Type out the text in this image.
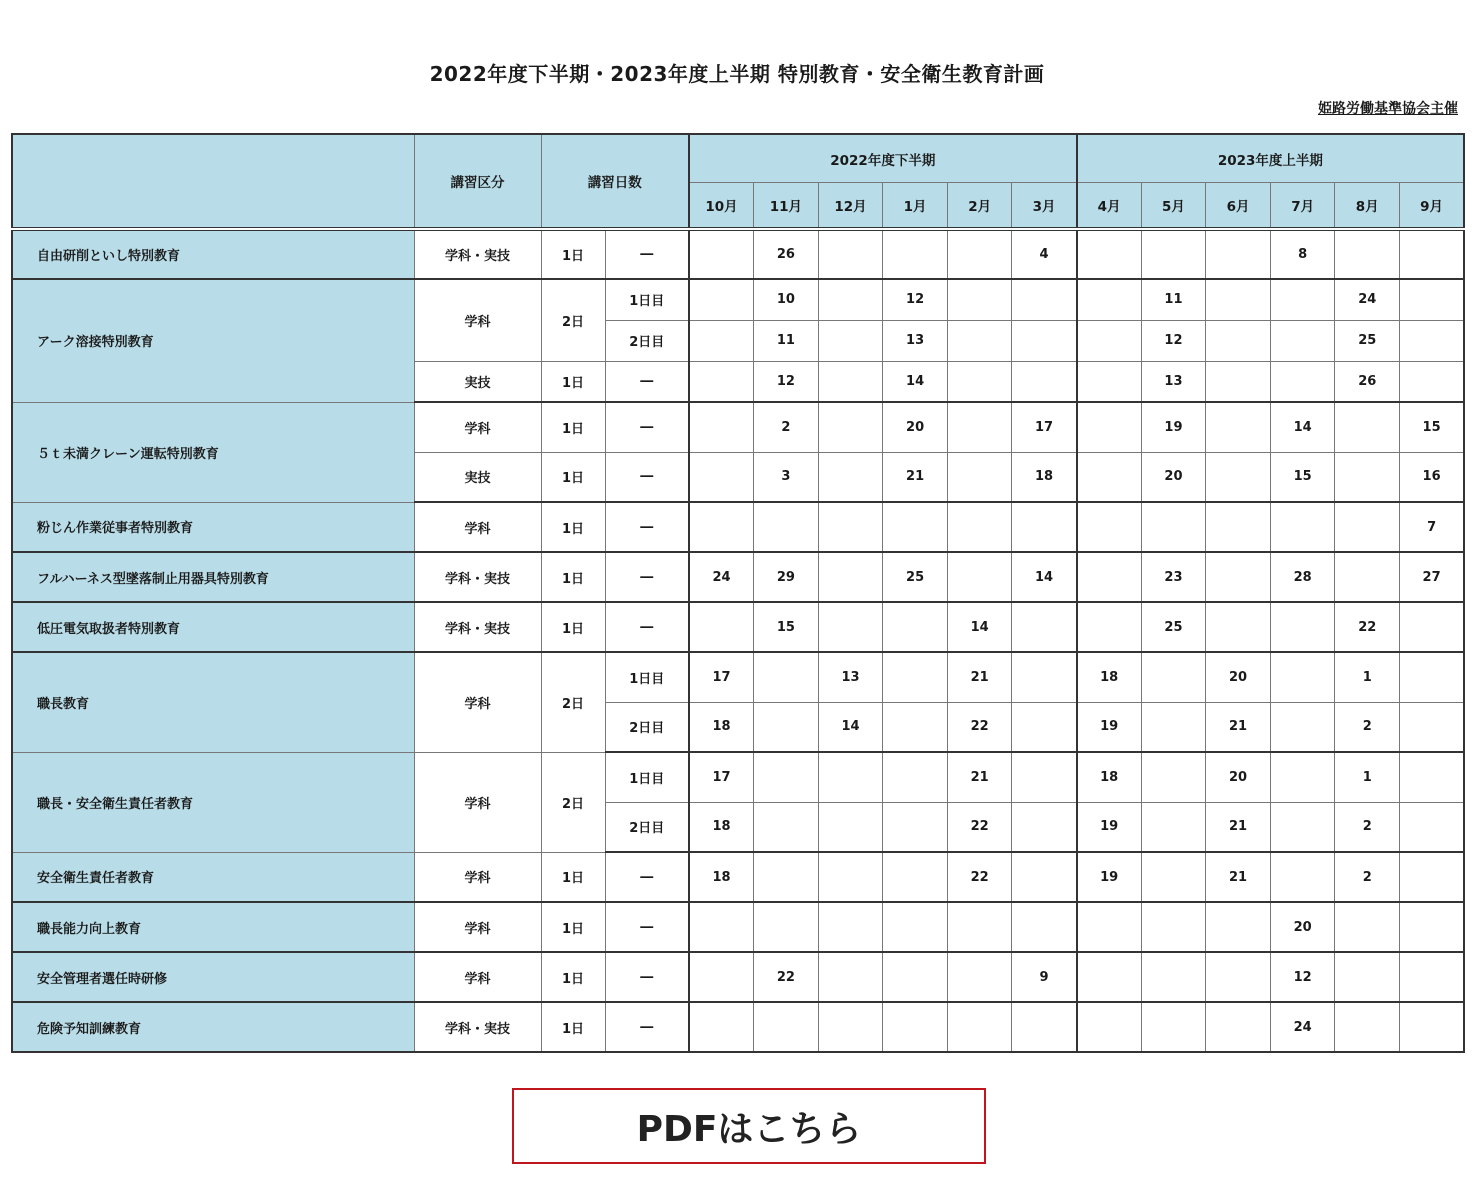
2022年度下半期・2023年度上半期 特別教育・安全衛生教育計画
姫路労働基準協会主催
	講習区分	講習日数		2022年度下半期						2023年度上半期					
				10月	11月	12月	1月	2月	3月	4月	5月	6月	7月	8月	9月
自由研削といし特別教育	学科・実技	1日	―		26				4				8		
アーク溶接特別教育	学科	2日	1日目		10		12				11			24	
			2日目		11		13				12			25	
	実技	1日	―		12		14				13			26	
５ｔ未満クレーン運転特別教育	学科	1日	―		2		20		17		19		14		15
	実技	1日	―		3		21		18		20		15		16
粉じん作業従事者特別教育	学科	1日	―												7
フルハーネス型墜落制止用器具特別教育	学科・実技	1日	―	24	29		25		14		23		28		27
低圧電気取扱者特別教育	学科・実技	1日	―		15			14			25			22	
職長教育	学科	2日	1日目	17		13		21		18		20		1	
			2日目	18		14		22		19		21		2	
職長・安全衛生責任者教育	学科	2日	1日目	17				21		18		20		1	
			2日目	18				22		19		21		2	
安全衛生責任者教育	学科	1日	―	18				22		19		21		2	
職長能力向上教育	学科	1日	―										20		
安全管理者選任時研修	学科	1日	―		22				9				12		
危険予知訓練教育	学科・実技	1日	―										24		
PDFはこちら
